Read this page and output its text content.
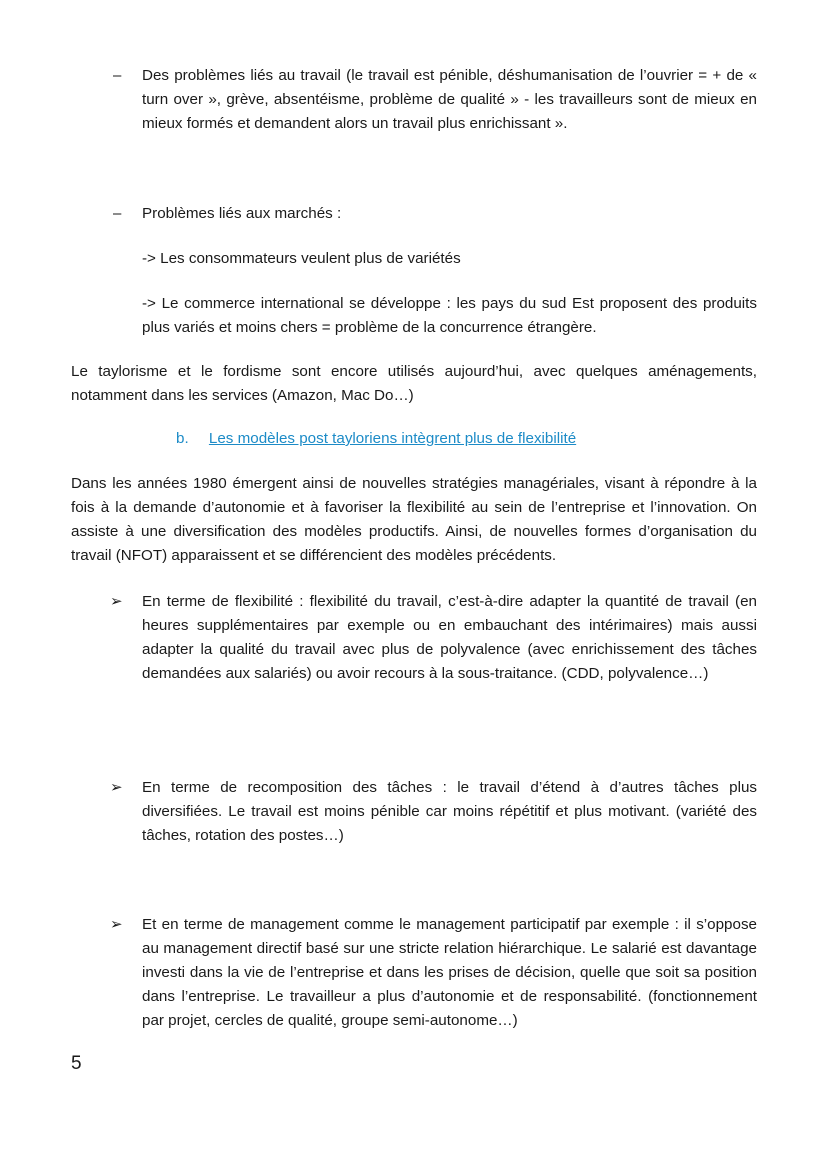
– Des problèmes liés au travail (le travail est pénible, déshumanisation de l’ouvrier = + de « turn over », grève, absentéisme, problème de qualité » - les travailleurs sont de mieux en mieux formés et demandent alors un travail plus enrichissant ».
– Problèmes liés aux marchés :
-> Les consommateurs veulent plus de variétés
-> Le commerce international se développe : les pays du sud Est proposent des produits plus variés et moins chers = problème de la concurrence étrangère.
Le taylorisme et le fordisme sont encore utilisés aujourd’hui, avec quelques aménagements, notamment dans les services (Amazon, Mac Do…)
b. Les modèles post tayloriens intègrent plus de flexibilité
Dans les années 1980 émergent ainsi de nouvelles stratégies managériales, visant à répondre à la fois à la demande d’autonomie et à favoriser la flexibilité au sein de l’entreprise et l’innovation. On assiste à une diversification des modèles productifs. Ainsi, de nouvelles formes d’organisation du travail (NFOT) apparaissent et se différencient des modèles précédents.
➢ En terme de flexibilité : flexibilité du travail, c’est-à-dire adapter la quantité de travail (en heures supplémentaires par exemple ou en embauchant des intérimaires) mais aussi adapter la qualité du travail avec plus de polyvalence (avec enrichissement des tâches demandées aux salariés) ou avoir recours à la sous-traitance. (CDD, polyvalence…)
➢ En terme de recomposition des tâches : le travail d’étend à d’autres tâches plus diversifiées. Le travail est moins pénible car moins répétitif et plus motivant. (variété des tâches, rotation des postes…)
➢ Et en terme de management comme le management participatif par exemple : il s’oppose au management directif basé sur une stricte relation hiérarchique. Le salarié est davantage investi dans la vie de l’entreprise et dans les prises de décision, quelle que soit sa position dans l’entreprise. Le travailleur a plus d’autonomie et de responsabilité. (fonctionnement par projet, cercles de qualité, groupe semi-autonome…)
5
